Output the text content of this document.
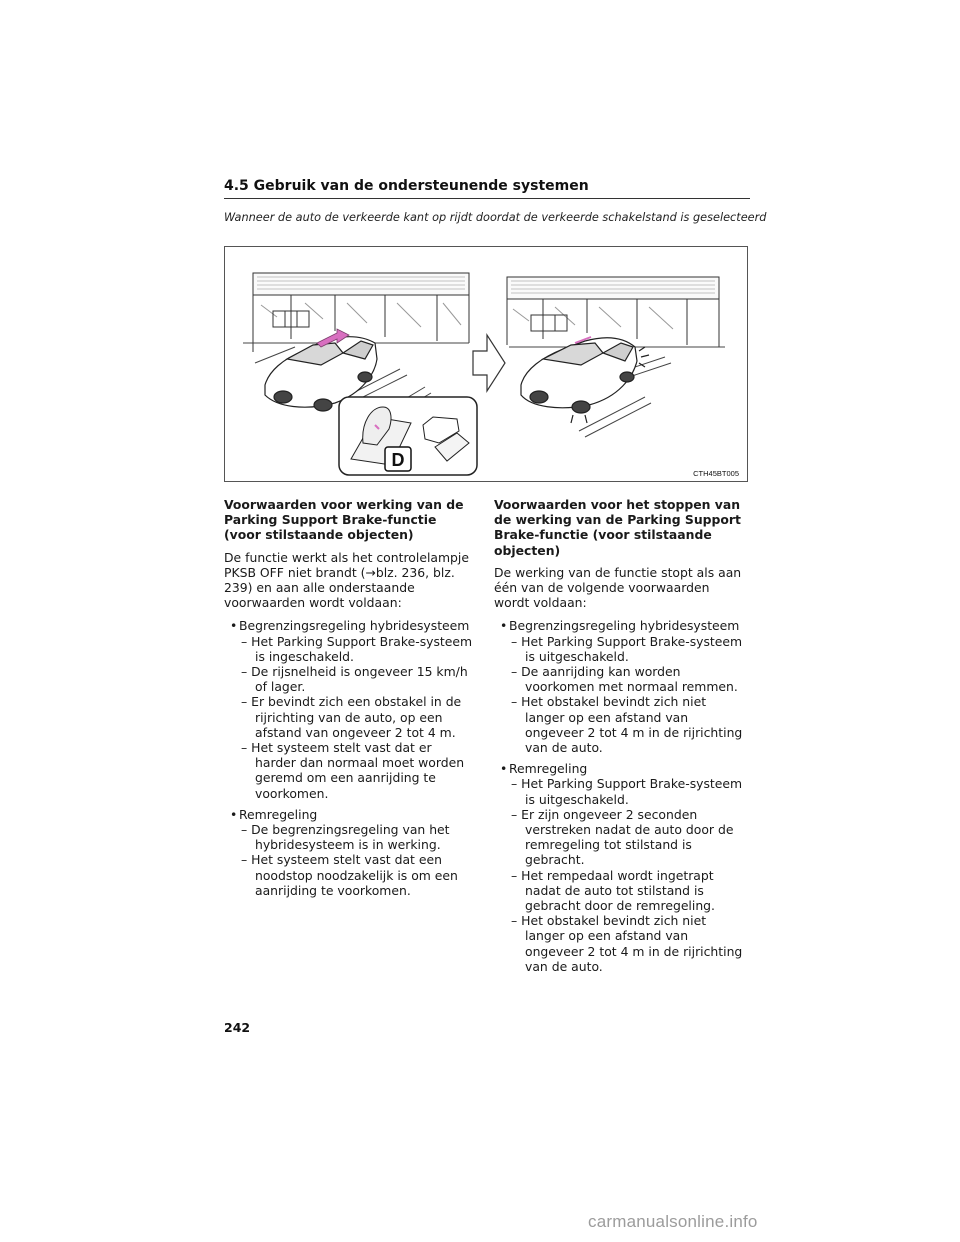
4.5 Gebruik van de ondersteunende systemen
Wanneer de auto de verkeerde kant op rijdt doordat de verkeerde schakelstand is geselecteerd
D
CTH45BT005
Voorwaarden voor werking van de Parking Support Brake-functie (voor stilstaande objecten)

De functie werkt als het controlelampje PKSB OFF niet brandt (→blz. 236, blz. 239) en aan alle onderstaande voorwaarden wordt voldaan:

• Begrenzingsregeling hybridesysteem
– Het Parking Support Brake-systeem is ingeschakeld.
– De rijsnelheid is ongeveer 15 km/h of lager.
– Er bevindt zich een obstakel in de rijrichting van de auto, op een afstand van ongeveer 2 tot 4 m.
– Het systeem stelt vast dat er harder dan normaal moet worden geremd om een aanrijding te voorkomen.
• Remregeling
– De begrenzingsregeling van het hybridesysteem is in werking.
– Het systeem stelt vast dat een noodstop noodzakelijk is om een aanrijding te voorkomen.
Voorwaarden voor het stoppen van de werking van de Parking Support Brake-functie (voor stilstaande objecten)

De werking van de functie stopt als aan één van de volgende voorwaarden wordt voldaan:

• Begrenzingsregeling hybridesysteem
– Het Parking Support Brake-systeem is uitgeschakeld.
– De aanrijding kan worden voorkomen met normaal remmen.
– Het obstakel bevindt zich niet langer op een afstand van ongeveer 2 tot 4 m in de rijrichting van de auto.
• Remregeling
– Het Parking Support Brake-systeem is uitgeschakeld.
– Er zijn ongeveer 2 seconden verstreken nadat de auto door de remregeling tot stilstand is gebracht.
– Het rempedaal wordt ingetrapt nadat de auto tot stilstand is gebracht door de remregeling.
– Het obstakel bevindt zich niet langer op een afstand van ongeveer 2 tot 4 m in de rijrichting van de auto.
242
carmanualsonline.info
